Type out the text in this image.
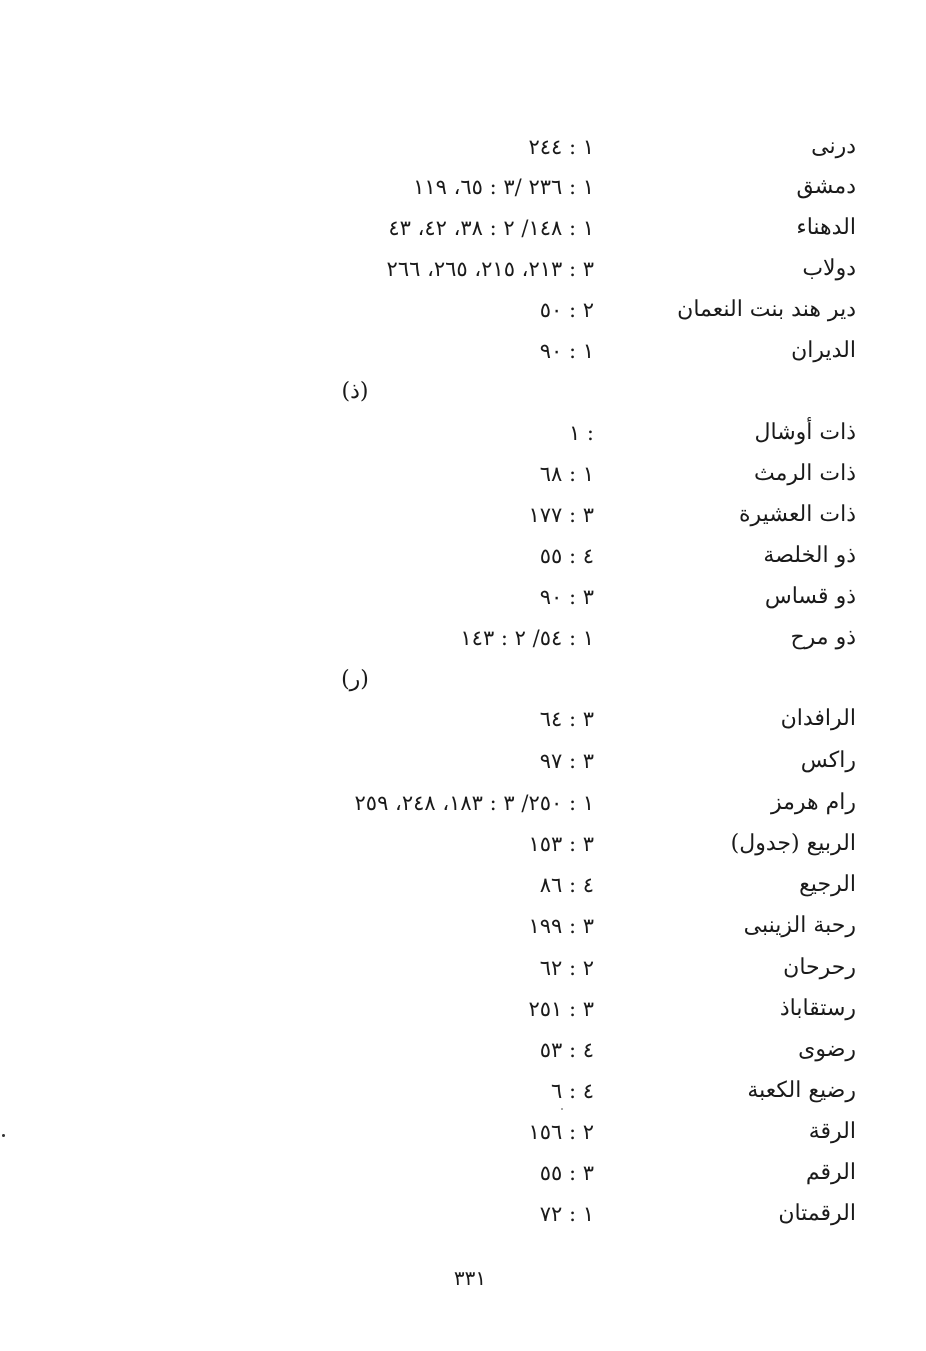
درنى
١ : ٢٤٤
دمشق
١ : ٢٣٦ /٣ : ٦٥، ١١٩
الدهناء
١ : ١٤٨/ ٢ : ٣٨، ٤٢، ٤٣
دولاب
٣ : ٢١٣، ٢١٥، ٢٦٥، ٢٦٦
دير هند بنت النعمان
٢ : ٥٠
الديران
١ : ٩٠
(ذ)
ذات أوشال
١ :
ذات الرمث
١ : ٦٨
ذات العشيرة
٣ : ١٧٧
ذو الخلصة
٤ : ٥٥
ذو قساس
٣ : ٩٠
ذو مرح
١ : ٥٤/ ٢ : ١٤٣
(ر)
الرافدان
٣ : ٦٤
راكس
٣ : ٩٧
رام هرمز
١ : ٢٥٠/ ٣ : ١٨٣، ٢٤٨، ٢٥٩
الربيع (جدول)
٣ : ١٥٣
الرجيع
٤ : ٨٦
رحبة الزينبى
٣ : ١٩٩
رحرحان
٢ : ٦٢
رستقاباذ
٣ : ٢٥١
رضوى
٤ : ٥٣
رضيع الكعبة
٤ : ٦
الرقة
٢ : ١٥٦
الرقم
٣ : ٥٥
الرقمتان
١ : ٧٢
٣٣١
